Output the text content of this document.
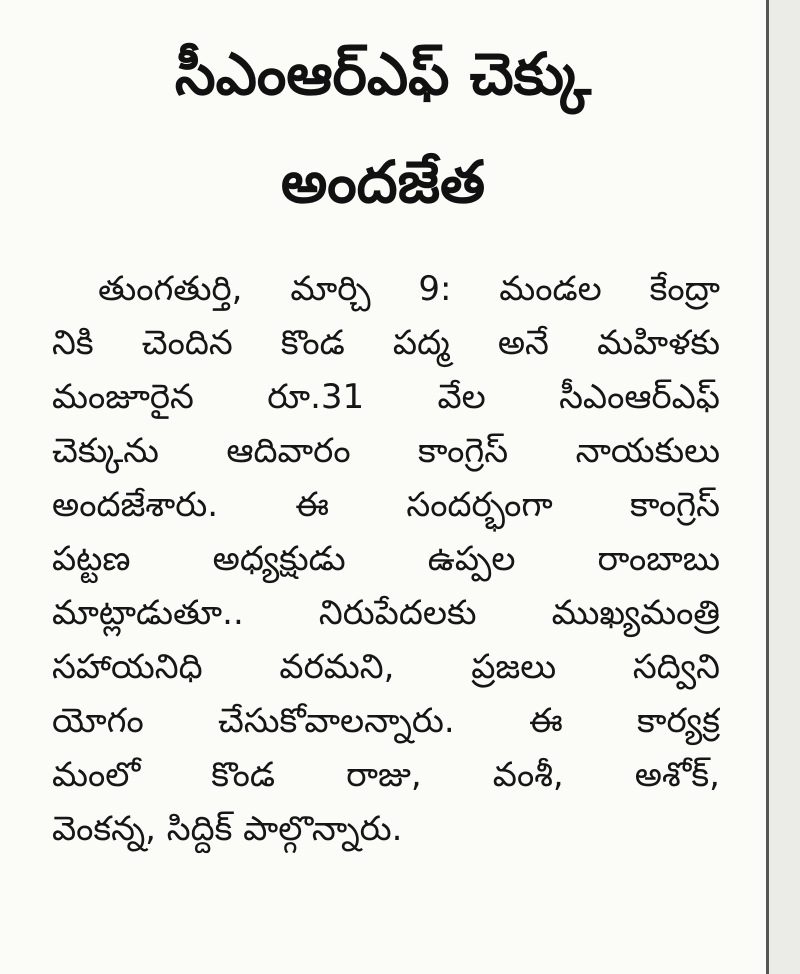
సీఎంఆర్‌ఎఫ్ చెక్కు
అందజేత
తుంగతుర్తి, మార్చి 9: మండల కేంద్రా
నికి చెందిన కొండ పద్మ అనే మహిళకు
మంజూరైన రూ.31 వేల సీఎంఆర్‌ఎఫ్
చెక్కును ఆదివారం కాంగ్రెస్ నాయకులు
అందజేశారు. ఈ సందర్భంగా కాంగ్రెస్
పట్టణ అధ్యక్షుడు ఉప్పల రాంబాబు
మాట్లాడుతూ.. నిరుపేదలకు ముఖ్యమంత్రి
సహాయనిధి వరమని, ప్రజలు సద్వి‌ని
యోగం చేసుకోవాలన్నారు. ఈ కార్యక్ర
మంలో కొండ రాజు, వంశీ, అశోక్,
వెంకన్న, సిద్దిక్ పాల్గొన్నారు.
